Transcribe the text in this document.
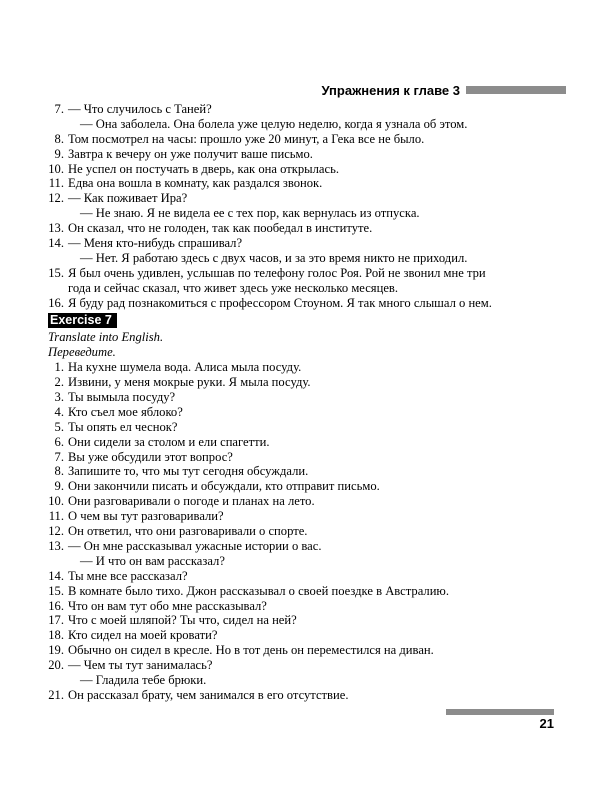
Упражнения к главе 3
7. — Что случилось с Таней?
— Она заболела. Она болела уже целую неделю, когда я узнала об этом.
8. Том посмотрел на часы: прошло уже 20 минут, а Гека все не было.
9. Завтра к вечеру он уже получит ваше письмо.
10. Не успел он постучать в дверь, как она открылась.
11. Едва она вошла в комнату, как раздался звонок.
12. — Как поживает Ира?
— Не знаю. Я не видела ее с тех пор, как вернулась из отпуска.
13. Он сказал, что не голоден, так как пообедал в институте.
14. — Меня кто-нибудь спрашивал?
— Нет. Я работаю здесь с двух часов, и за это время никто не приходил.
15. Я был очень удивлен, услышав по телефону голос Роя. Рой не звонил мне три
года и сейчас сказал, что живет здесь уже несколько месяцев.
16. Я буду рад познакомиться с профессором Стоуном. Я так много слышал о нем.
Exercise 7
Translate into English.
Переведите.
1. На кухне шумела вода. Алиса мыла посуду.
2. Извини, у меня мокрые руки. Я мыла посуду.
3. Ты вымыла посуду?
4. Кто съел мое яблоко?
5. Ты опять ел чеснок?
6. Они сидели за столом и ели спагетти.
7. Вы уже обсудили этот вопрос?
8. Запишите то, что мы тут сегодня обсуждали.
9. Они закончили писать и обсуждали, кто отправит письмо.
10. Они разговаривали о погоде и планах на лето.
11. О чем вы тут разговаривали?
12. Он ответил, что они разговаривали о спорте.
13. — Он мне рассказывал ужасные истории о вас.
— И что он вам рассказал?
14. Ты мне все рассказал?
15. В комнате было тихо. Джон рассказывал о своей поездке в Австралию.
16. Что он вам тут обо мне рассказывал?
17. Что с моей шляпой? Ты что, сидел на ней?
18. Кто сидел на моей кровати?
19. Обычно он сидел в кресле. Но в тот день он переместился на диван.
20. — Чем ты тут занималась?
— Гладила тебе брюки.
21. Он рассказал брату, чем занимался в его отсутствие.
21
